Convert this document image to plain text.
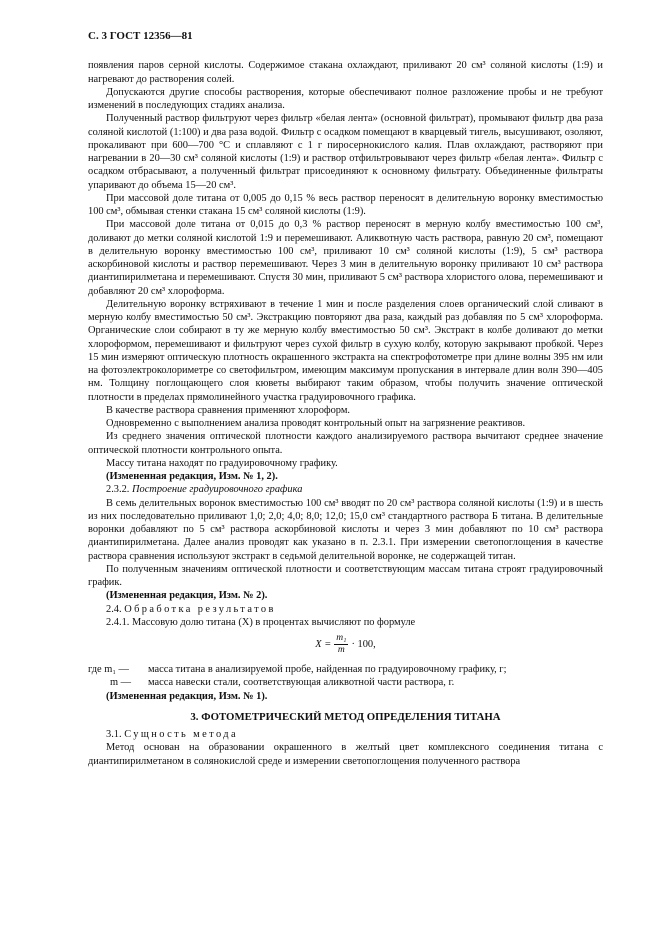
С. 3 ГОСТ 12356—81

появления паров серной кислоты. Содержимое стакана охлаждают, приливают 20 см³ соляной кислоты (1:9) и нагревают до растворения солей.

Допускаются другие способы растворения, которые обеспечивают полное разложение пробы и не требуют изменений в последующих стадиях анализа.

Полученный раствор фильтруют через фильтр «белая лента» (основной фильтрат), промывают фильтр два раза соляной кислотой (1:100) и два раза водой. Фильтр с осадком помещают в кварцевый тигель, высушивают, озоляют, прокаливают при 600—700 °С и сплавляют с 1 г пиросернокислого калия. Плав охлаждают, растворяют при нагревании в 20—30 см³ соляной кислоты (1:9) и раствор отфильтровывают через фильтр «белая лента». Фильтр с осадком отбрасывают, а полученный фильтрат присоединяют к основному фильтрату. Объединенные фильтраты упаривают до объема 15—20 см³.

При массовой доле титана от 0,005 до 0,15 % весь раствор переносят в делительную воронку вместимостью 100 см³, обмывая стенки стакана 15 см³ соляной кислоты (1:9).

При массовой доле титана от 0,015 до 0,3 % раствор переносят в мерную колбу вместимостью 100 см³, доливают до метки соляной кислотой 1:9 и перемешивают. Аликвотную часть раствора, равную 20 см³, помещают в делительную воронку вместимостью 100 см³, приливают 10 см³ соляной кислоты (1:9), 5 см³ раствора аскорбиновой кислоты и раствор перемешивают. Через 3 мин в делительную воронку приливают 10 см³ раствора диантипирилметана и перемешивают. Спустя 30 мин, приливают 5 см³ раствора хлористого олова, перемешивают и добавляют 20 см³ хлороформа.

Делительную воронку встряхивают в течение 1 мин и после разделения слоев органический слой сливают в мерную колбу вместимостью 50 см³. Экстракцию повторяют два раза, каждый раз добавляя по 5 см³ хлороформа. Органические слои собирают в ту же мерную колбу вместимостью 50 см³. Экстракт в колбе доливают до метки хлороформом, перемешивают и фильтруют через сухой фильтр в сухую колбу, которую закрывают пробкой. Через 15 мин измеряют оптическую плотность окрашенного экстракта на спектрофотометре при длине волны 395 нм или на фотоэлектроколориметре со светофильтром, имеющим максимум пропускания в интервале длин волн 390—405 нм. Толщину поглощающего слоя кюветы выбирают таким образом, чтобы получить значение оптической плотности в пределах прямолинейного участка градуировочного графика.

В качестве раствора сравнения применяют хлороформ.

Одновременно с выполнением анализа проводят контрольный опыт на загрязнение реактивов.

Из среднего значения оптической плотности каждого анализируемого раствора вычитают среднее значение оптической плотности контрольного опыта.

Массу титана находят по градуировочному графику.

(Измененная редакция, Изм. № 1, 2).

2.3.2. Построение градуировочного графика

В семь делительных воронок вместимостью 100 см³ вводят по 20 см³ раствора соляной кислоты (1:9) и в шесть из них последовательно приливают 1,0; 2,0; 4,0; 8,0; 12,0; 15,0 см³ стандартного раствора Б титана. В делительные воронки добавляют по 5 см³ раствора аскорбиновой кислоты и через 3 мин добавляют по 10 см³ раствора диантипирилметана. Далее анализ проводят как указано в п. 2.3.1. При измерении светопоглощения в качестве раствора сравнения используют экстракт в седьмой делительной воронке, не содержащей титан.

По полученным значениям оптической плотности и соответствующим массам титана строят градуировочный график.

(Измененная редакция, Изм. № 2).

2.4. Обработка результатов

2.4.1. Массовую долю титана (X) в процентах вычисляют по формуле

$X = \frac{\text{m₁}}{m} \cdot 100$,
где m₁ —	масса титана в анализируемой пробе, найденная по градуировочному графику, г;
m —	масса навески стали, соответствующая аликвотной части раствора, г.

(Измененная редакция, Изм. № 1).

3. ФОТОМЕТРИЧЕСКИЙ МЕТОД ОПРЕДЕЛЕНИЯ ТИТАНА

3.1. Сущность метода

Метод основан на образовании окрашенного в желтый цвет комплексного соединения титана с диантипирилметаном в солянокислой среде и измерении светопоглощения полученного раствора
